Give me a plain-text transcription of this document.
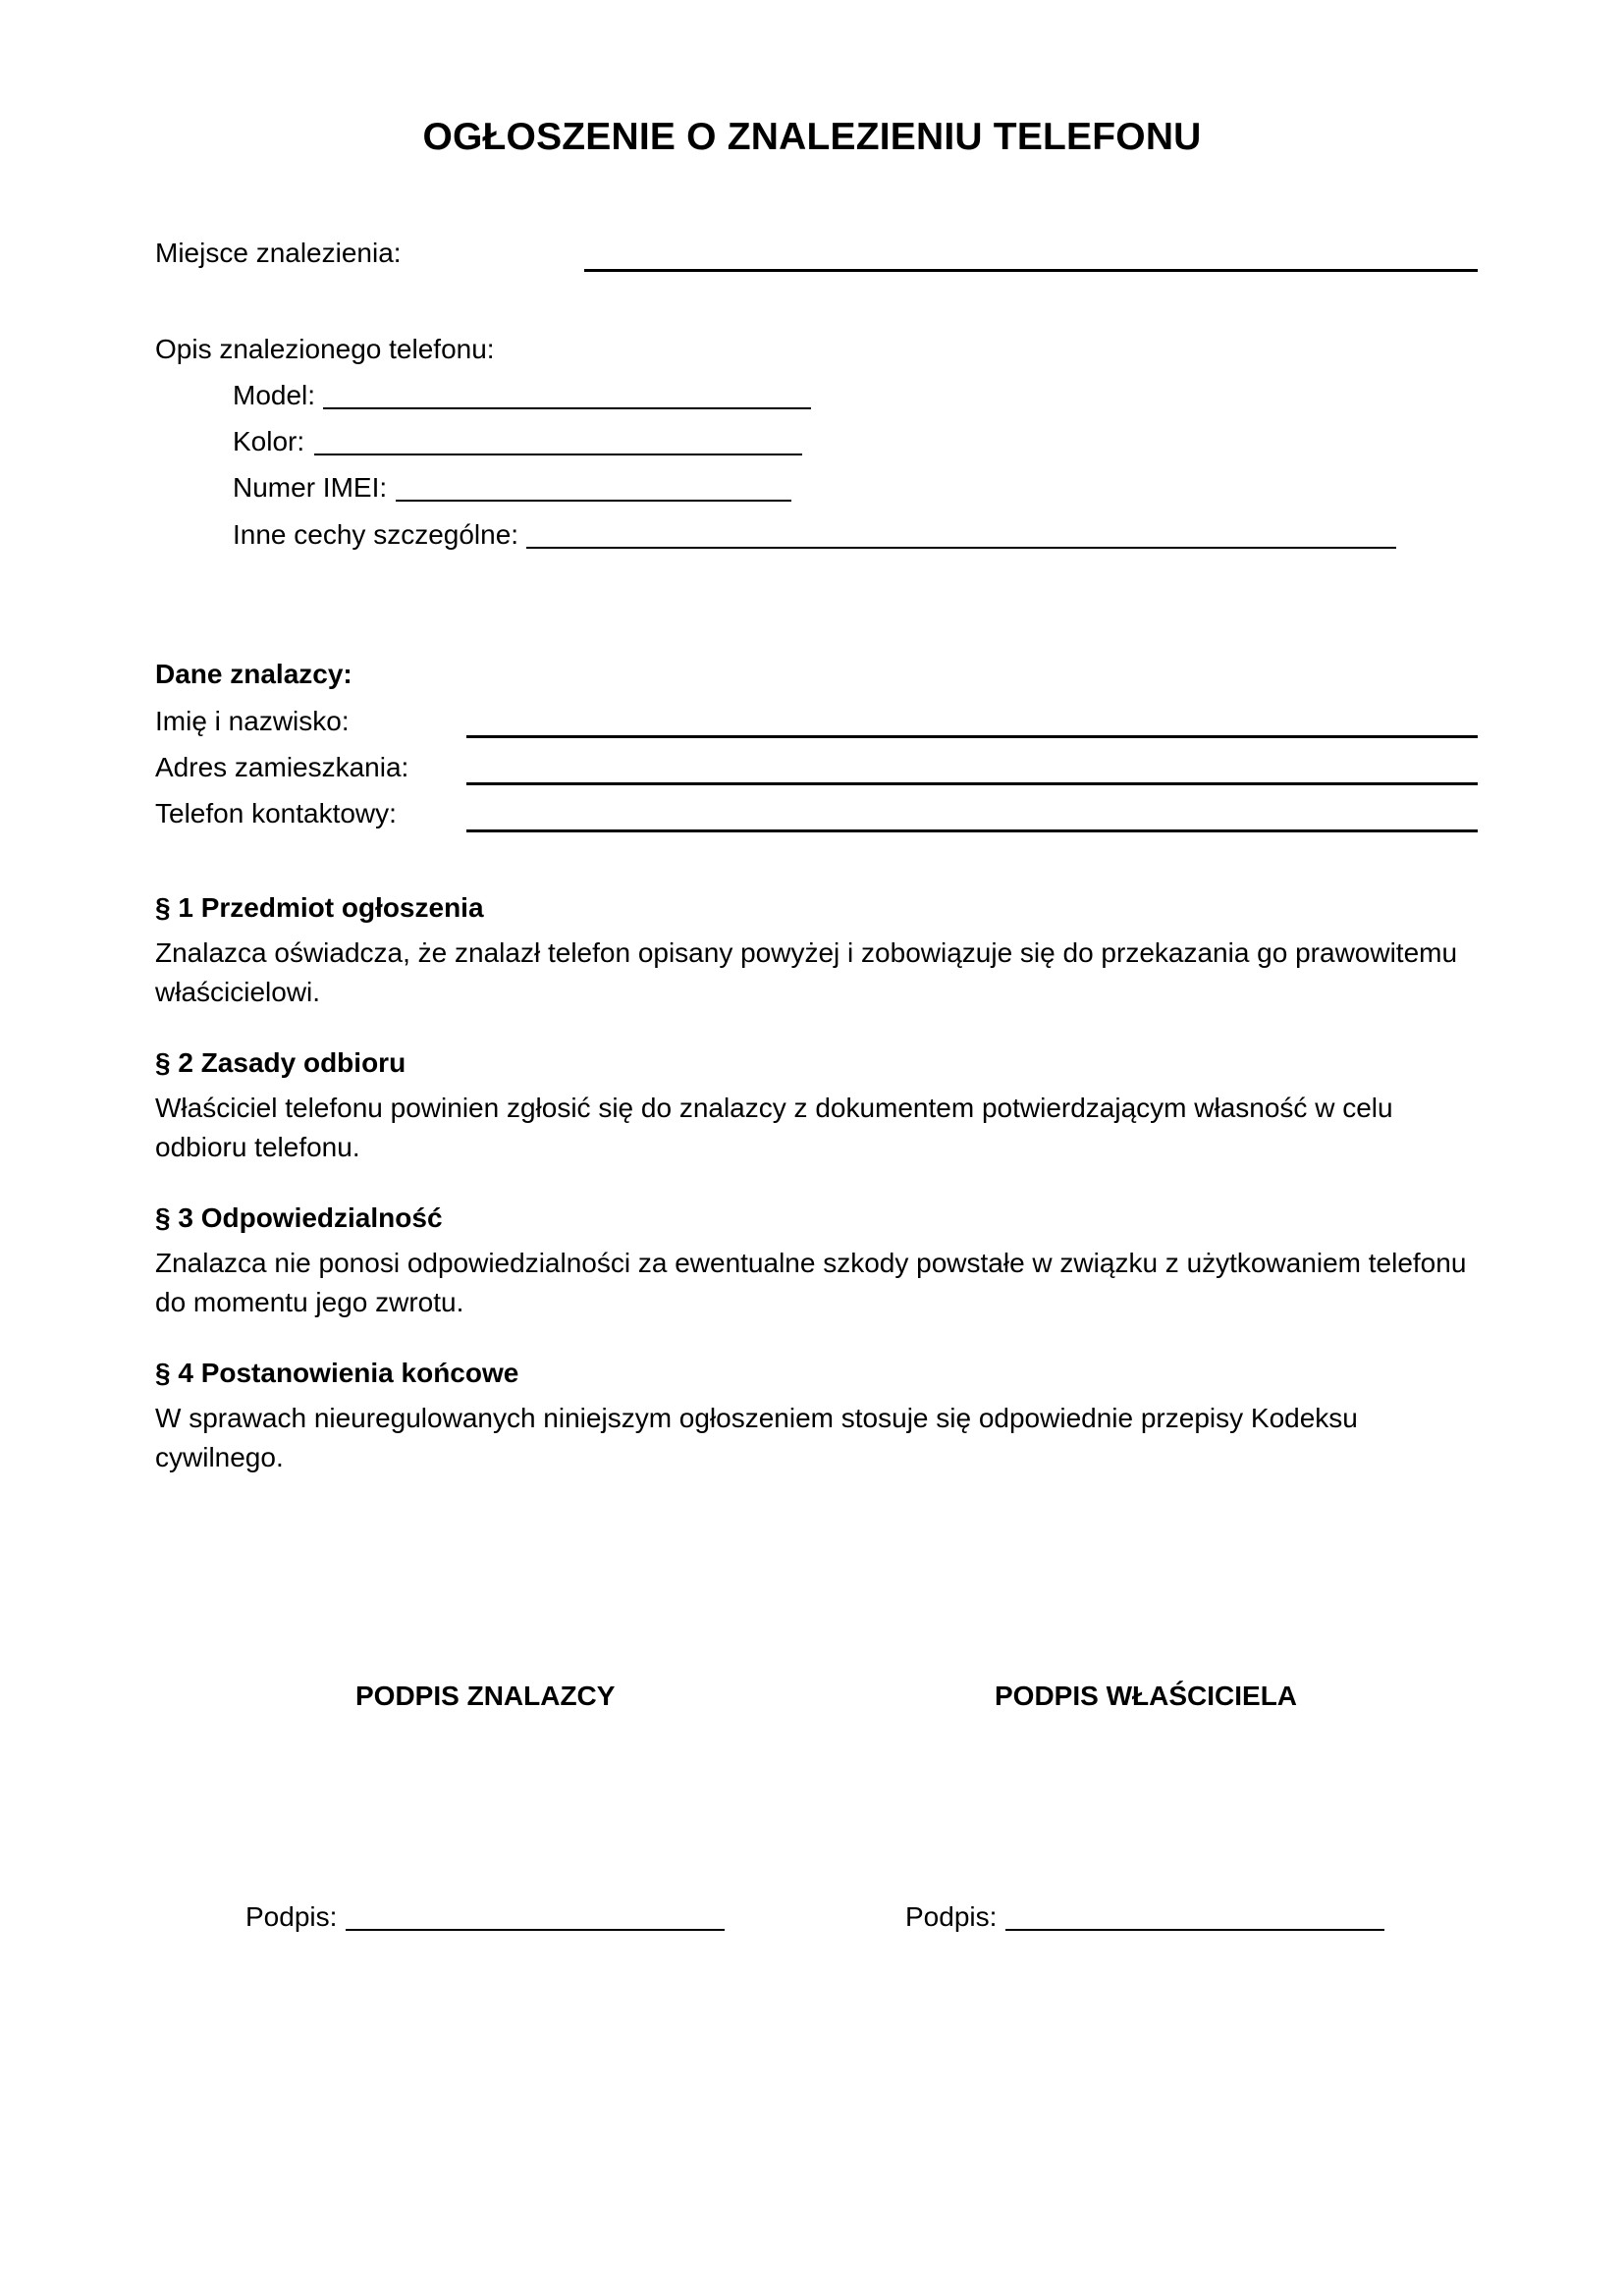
OGŁOSZENIE O ZNALEZIENIU TELEFONU
Miejsce znalezienia:
Opis znalezionego telefonu:
Model:
Kolor:
Numer IMEI:
Inne cechy szczególne:
Dane znalazcy:
Imię i nazwisko:
Adres zamieszkania:
Telefon kontaktowy:
§ 1 Przedmiot ogłoszenia
Znalazca oświadcza, że znalazł telefon opisany powyżej i zobowiązuje się do przekazania go prawowitemu właścicielowi.
§ 2 Zasady odbioru
Właściciel telefonu powinien zgłosić się do znalazcy z dokumentem potwierdzającym własność w celu odbioru telefonu.
§ 3 Odpowiedzialność
Znalazca nie ponosi odpowiedzialności za ewentualne szkody powstałe w związku z użytkowaniem telefonu do momentu jego zwrotu.
§ 4 Postanowienia końcowe
W sprawach nieuregulowanych niniejszym ogłoszeniem stosuje się odpowiednie przepisy Kodeksu cywilnego.
PODPIS ZNALAZCY	PODPIS WŁAŚCICIELA
Podpis:	Podpis:
